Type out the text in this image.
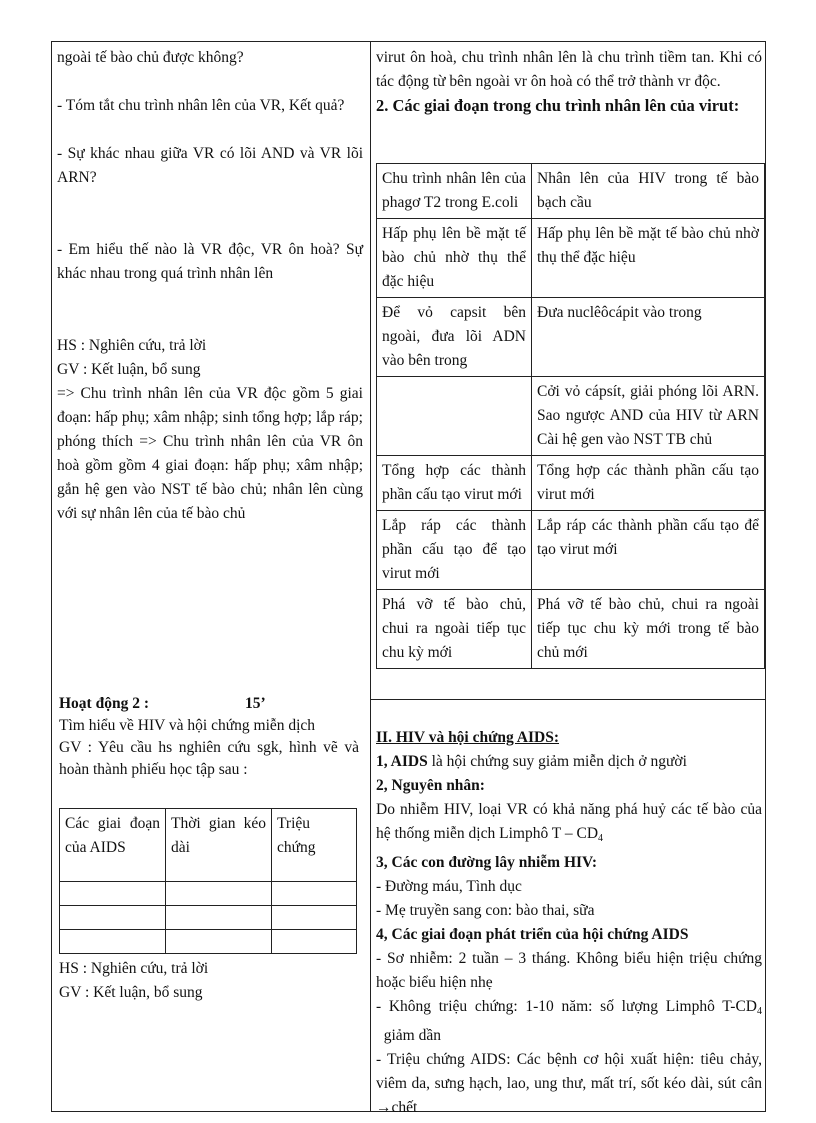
ngoài tế bào chủ được không?

- Tóm tắt chu trình nhân lên của VR, Kết quả?

- Sự khác nhau giữa VR có lõi AND và VR lõi ARN?

- Em hiểu thế nào là VR độc, VR ôn hoà? Sự khác nhau trong quá trình nhân lên

HS : Nghiên cứu, trả lời

GV : Kết luận, bổ sung

=> Chu trình nhân lên của VR độc gồm 5 giai đoạn: hấp phụ; xâm nhập; sinh tổng hợp; lắp ráp; phóng thích => Chu trình nhân lên của VR ôn hoà gồm gồm 4 giai đoạn: hấp phụ; xâm nhập; gắn hệ gen vào NST tế bào chủ; nhân lên cùng với sự nhân lên của tế bào chủ

Hoạt động 2 :	15’

Tìm hiểu về HIV và hội chứng miễn dịch

GV : Yêu cầu hs nghiên cứu sgk, hình vẽ và hoàn thành phiếu học tập sau :

Các giai đoạn của AIDS	Thời gian kéo dài	Triệu chứng

HS : Nghiên cứu, trả lời

GV : Kết luận, bổ sung

virut ôn hoà, chu trình nhân lên là chu trình tiềm tan. Khi có tác động từ bên ngoài vr ôn hoà có thể trở thành vr độc.

2. Các giai đoạn trong chu trình nhân lên của virut:

Chu trình nhân lên của phagơ T2 trong E.coli	Nhân lên của HIV trong tế bào bạch cầu
Hấp phụ lên bề mặt tế bào chủ nhờ thụ thể đặc hiệu	Hấp phụ lên bề mặt tế bào chủ nhờ thụ thể đặc hiệu
Để vỏ capsit bên ngoài, đưa lõi ADN vào bên trong	Đưa nuclêôcápit vào trong
	Cởi vỏ cápsít, giải phóng lõi ARN. Sao ngược AND của HIV từ ARN Cài hệ gen vào NST TB chủ
Tổng hợp các thành phần cấu tạo virut mới	Tổng hợp các thành phần cấu tạo virut mới
Lắp ráp các thành phần cấu tạo để tạo virut mới	Lắp ráp các thành phần cấu tạo để tạo virut mới
Phá vỡ tế bào chủ, chui ra ngoài tiếp tục chu kỳ mới	Phá vỡ tế bào chủ, chui ra ngoài tiếp tục chu kỳ mới trong tế bào chủ mới

II. HIV và hội chứng AIDS:

1, AIDS là hội chứng suy giảm miễn dịch ở người

2, Nguyên nhân:

Do nhiễm HIV, loại VR có khả năng phá huỷ các tế bào của hệ thống miễn dịch Limphô T – $CD_4$

3, Các con đường lây nhiễm HIV:

- Đường máu, Tình dục

- Mẹ truyền sang con: bào thai, sữa

4, Các giai đoạn phát triển của hội chứng AIDS

- Sơ nhiễm: 2 tuần – 3 tháng. Không biểu hiện triệu chứng hoặc biểu hiện nhẹ

- Không triệu chứng: 1-10 năm: số lượng Limphô $T-CD_4$  giảm dần

- Triệu chứng AIDS: Các bệnh cơ hội xuất hiện: tiêu chảy, viêm da, sưng hạch, lao, ung thư, mất trí, sốt kéo dài, sút cân →chết
